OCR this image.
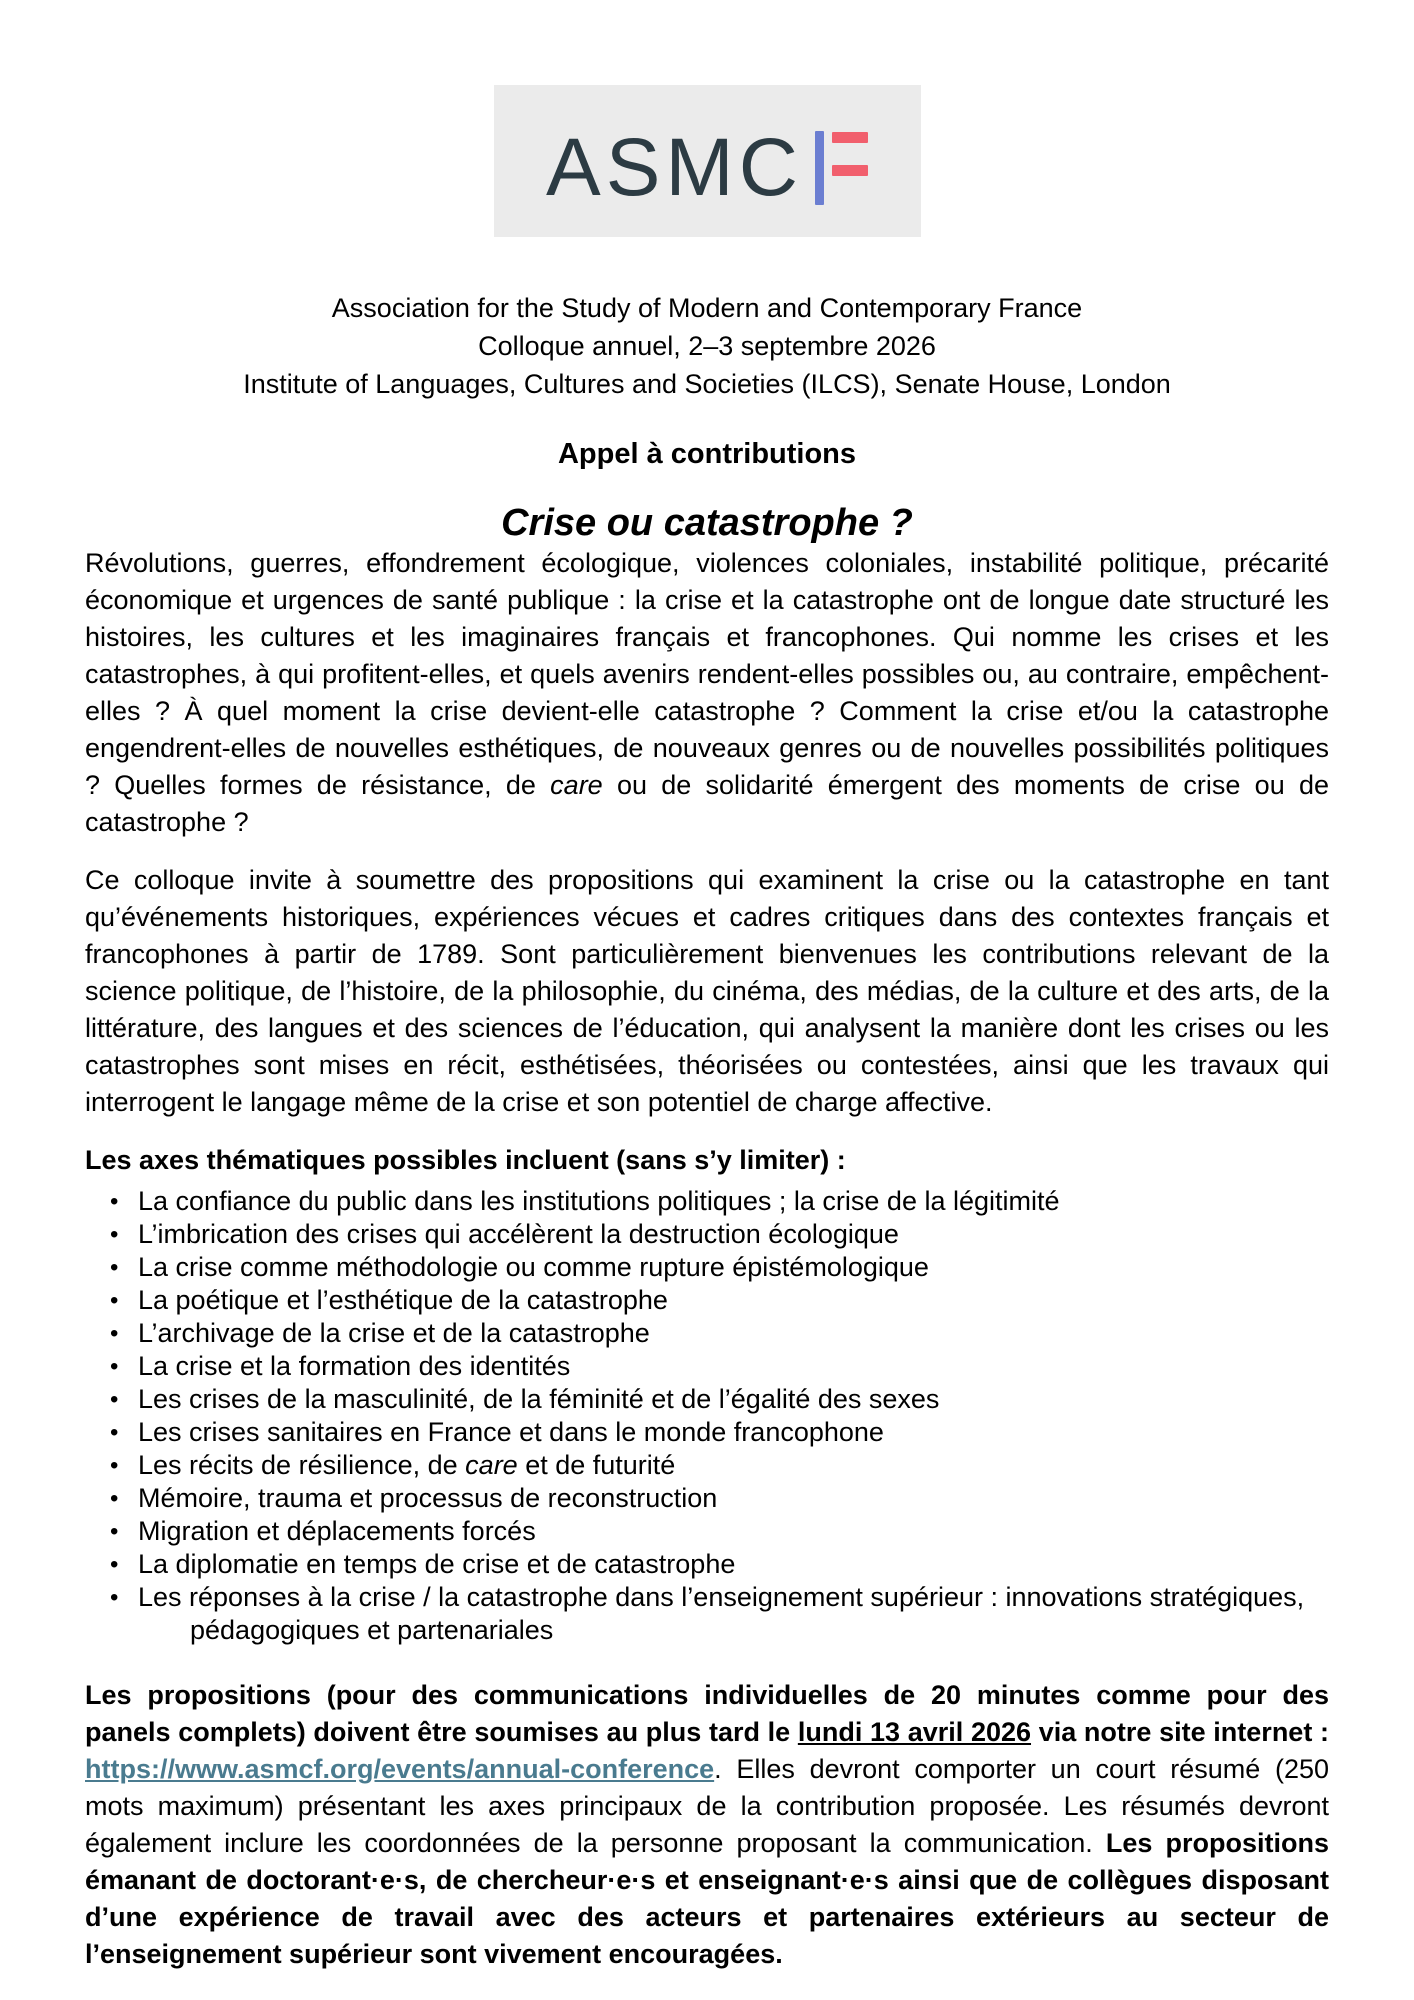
ASMC
Association for the Study of Modern and Contemporary France
Colloque annuel, 2–3 septembre 2026
Institute of Languages, Cultures and Societies (ILCS), Senate House, London
Appel à contributions
Crise ou catastrophe ?

Révolutions, guerres, effondrement écologique, violences coloniales, instabilité politique, précarité économique et urgences de santé publique : la crise et la catastrophe ont de longue date structuré les histoires, les cultures et les imaginaires français et francophones. Qui nomme les crises et les catastrophes, à qui profitent-elles, et quels avenirs rendent-elles possibles ou, au contraire, empêchent-elles ? À quel moment la crise devient-elle catastrophe ? Comment la crise et/ou la catastrophe engendrent-elles de nouvelles esthétiques, de nouveaux genres ou de nouvelles possibilités politiques ? Quelles formes de résistance, de care ou de solidarité émergent des moments de crise ou de catastrophe ?

Ce colloque invite à soumettre des propositions qui examinent la crise ou la catastrophe en tant qu’événements historiques, expériences vécues et cadres critiques dans des contextes français et francophones à partir de 1789. Sont particulièrement bienvenues les contributions relevant de la science politique, de l’histoire, de la philosophie, du cinéma, des médias, de la culture et des arts, de la littérature, des langues et des sciences de l’éducation, qui analysent la manière dont les crises ou les catastrophes sont mises en récit, esthétisées, théorisées ou contestées, ainsi que les travaux qui interrogent le langage même de la crise et son potentiel de charge affective.

Les axes thématiques possibles incluent (sans s’y limiter) :

• La confiance du public dans les institutions politiques ; la crise de la légitimité
• L’imbrication des crises qui accélèrent la destruction écologique
• La crise comme méthodologie ou comme rupture épistémologique
• La poétique et l’esthétique de la catastrophe
• L’archivage de la crise et de la catastrophe
• La crise et la formation des identités
• Les crises de la masculinité, de la féminité et de l’égalité des sexes
• Les crises sanitaires en France et dans le monde francophone
• Les récits de résilience, de care et de futurité
• Mémoire, trauma et processus de reconstruction
• Migration et déplacements forcés
• La diplomatie en temps de crise et de catastrophe
• Les réponses à la crise / la catastrophe dans l’enseignement supérieur : innovations stratégiques, pédagogiques et partenariales

Les propositions (pour des communications individuelles de 20 minutes comme pour des panels complets) doivent être soumises au plus tard le lundi 13 avril 2026 via notre site internet : https://www.asmcf.org/events/annual-conference. Elles devront comporter un court résumé (250 mots maximum) présentant les axes principaux de la contribution proposée. Les résumés devront également inclure les coordonnées de la personne proposant la communication. Les propositions émanant de doctorant·e·s, de chercheur·e·s et enseignant·e·s ainsi que de collègues disposant d’une expérience de travail avec des acteurs et partenaires extérieurs au secteur de l’enseignement supérieur sont vivement encouragées.
